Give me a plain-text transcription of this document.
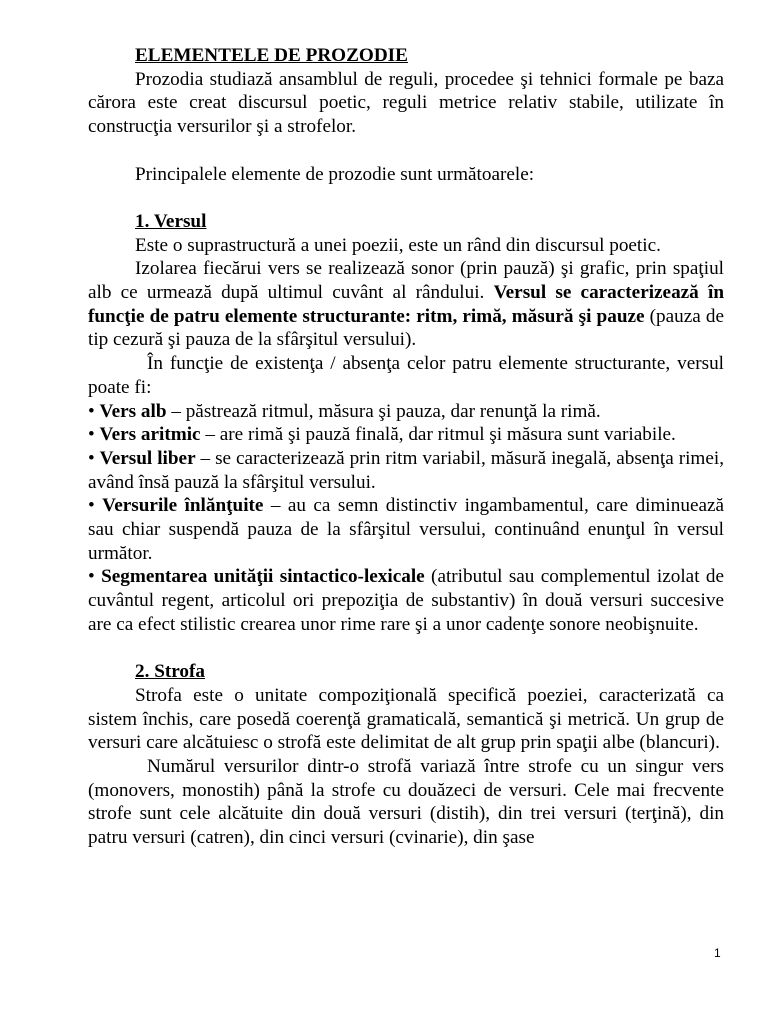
ELEMENTELE DE PROZODIE

Prozodia studiază ansamblul de reguli, procedee şi tehnici formale pe baza cărora este creat discursul poetic, reguli metrice relativ stabile, utilizate în construcţia versurilor şi a strofelor.

Principalele elemente de prozodie sunt următoarele:

1. Versul

Este o suprastructură a unei poezii, este un rând din discursul poetic.

Izolarea fiecărui vers se realizează sonor (prin pauză) şi grafic, prin spaţiul alb ce urmează după ultimul cuvânt al rândului. Versul se caracterizează în funcţie de patru elemente structurante: ritm, rimă, măsură şi pauze (pauza de tip cezură şi pauza de la sfârşitul versului).

În funcţie de existenţa / absenţa celor patru elemente structurante, versul poate fi:

• Vers alb – păstrează ritmul, măsura şi pauza, dar renunţă la rimă.

• Vers aritmic – are rimă şi pauză finală, dar ritmul şi măsura sunt variabile.

• Versul liber – se caracterizează prin ritm variabil, măsură inegală, absenţa rimei, având însă pauză la sfârşitul versului.

• Versurile înlănţuite – au ca semn distinctiv ingambamentul, care diminuează sau chiar suspendă pauza de la sfârşitul versului, continuând enunţul în versul următor.

• Segmentarea unităţii sintactico-lexicale (atributul sau complementul izolat de cuvântul regent, articolul ori prepoziţia de substantiv) în două versuri succesive are ca efect stilistic crearea unor rime rare şi a unor cadenţe sonore neobişnuite.

2. Strofa

Strofa este o unitate compoziţională specifică poeziei, caracterizată ca sistem închis, care posedă coerenţă gramaticală, semantică şi metrică. Un grup de versuri care alcătuiesc o strofă este delimitat de alt grup prin spaţii albe (blancuri).

Numărul versurilor dintr-o strofă variază între strofe cu un singur vers (monovers, monostih) până la strofe cu douăzeci de versuri. Cele mai frecvente strofe sunt cele alcătuite din două versuri (distih), din trei versuri (terţină), din patru versuri (catren), din cinci versuri (cvinarie), din şase

1
